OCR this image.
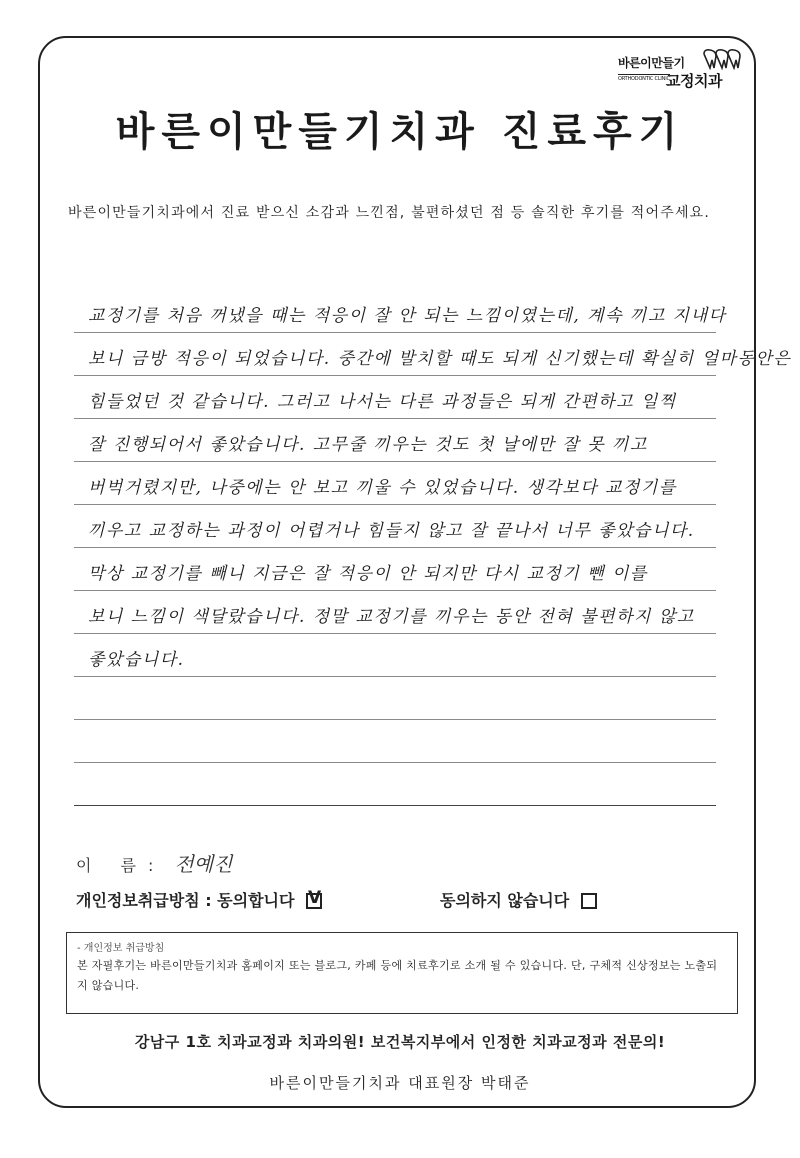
바른이만들기
ORTHODONTIC CLINIC
교정치과
바른이만들기치과 진료후기
바른이만들기치과에서 진료 받으신 소감과 느낀점, 불편하셨던 점 등 솔직한 후기를 적어주세요.
교정기를 처음 꺼냈을 때는 적응이 잘 안 되는 느낌이였는데, 계속 끼고 지내다
보니 금방 적응이 되었습니다. 중간에 발치할 때도 되게 신기했는데 확실히 얼마동안은
힘들었던 것 같습니다. 그러고 나서는 다른 과정들은 되게 간편하고 일찍
잘 진행되어서 좋았습니다. 고무줄 끼우는 것도 첫 날에만 잘 못 끼고
버벅거렸지만, 나중에는 안 보고 끼울 수 있었습니다. 생각보다 교정기를
끼우고 교정하는 과정이 어렵거나 힘들지 않고 잘 끝나서 너무 좋았습니다.
막상 교정기를 빼니 지금은 잘 적응이 안 되지만 다시 교정기 뺀 이를
보니 느낌이 색달랐습니다. 정말 교정기를 끼우는 동안 전혀 불편하지 않고
좋았습니다.
이 름: 전예진
개인정보취급방침 : 동의합니다 V	동의하지 않습니다
- 개인정보 취급방침
본 자필후기는 바른이만들기치과 홈페이지 또는 블로그, 카페 등에 치료후기로 소개 될 수 있습니다. 단, 구체적 신상정보는 노출되지 않습니다.
강남구 1호 치과교정과 치과의원! 보건복지부에서 인정한 치과교정과 전문의!
바른이만들기치과 대표원장 박태준
